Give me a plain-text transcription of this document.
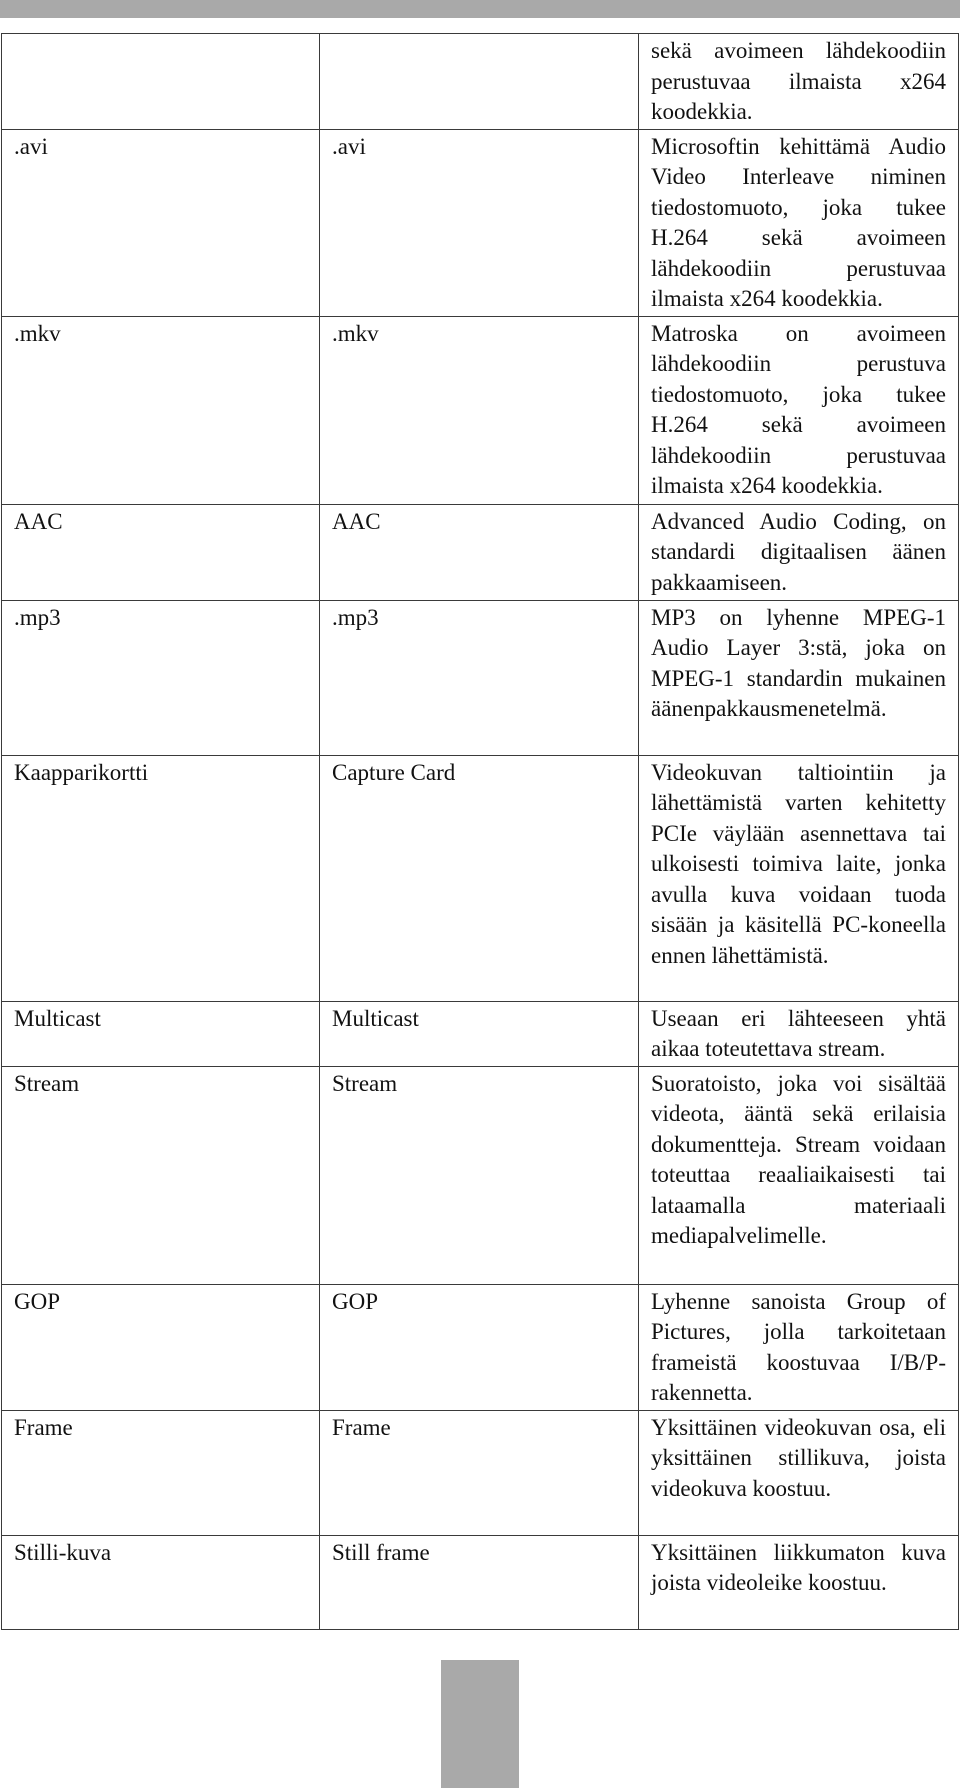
		sekä avoimeen lähdekoodiin perustuvaa ilmaista x264 koodekkia.
.avi	.avi	Microsoftin kehittämä Audio Video Interleave niminen tiedostomuoto, joka tukee H.264 sekä avoimeen lähdekoodiin perustuvaa ilmaista x264 koodekkia.
.mkv	.mkv	Matroska on avoimeen lähdekoodiin perustuva tiedostomuoto, joka tukee H.264 sekä avoimeen lähdekoodiin perustuvaa ilmaista x264 koodekkia.
AAC	AAC	Advanced Audio Coding, on standardi digitaalisen äänen pakkaamiseen.
.mp3	.mp3	MP3 on lyhenne MPEG-1 Audio Layer 3:stä, joka on MPEG-1 standardin mukainen äänenpakkausmenetelmä.
Kaapparikortti	Capture Card	Videokuvan taltiointiin ja lähettämistä varten kehitetty PCIe väylään asennettava tai ulkoisesti toimiva laite, jonka avulla kuva voidaan tuoda sisään ja käsitellä PC-koneella ennen lähettämistä.
Multicast	Multicast	Useaan eri lähteeseen yhtä aikaa toteutettava stream.
Stream	Stream	Suoratoisto, joka voi sisältää videota, ääntä sekä erilaisia dokumentteja. Stream voidaan toteuttaa reaaliaikaisesti tai lataamalla materiaali mediapalvelimelle.
GOP	GOP	Lyhenne sanoista Group of Pictures, jolla tarkoitetaan frameistä koostuvaa I/B/P-rakennetta.
Frame	Frame	Yksittäinen videokuvan osa, eli yksittäinen stillikuva, joista videokuva koostuu.
Stilli-kuva	Still frame	Yksittäinen liikkumaton kuva joista videoleike koostuu.
